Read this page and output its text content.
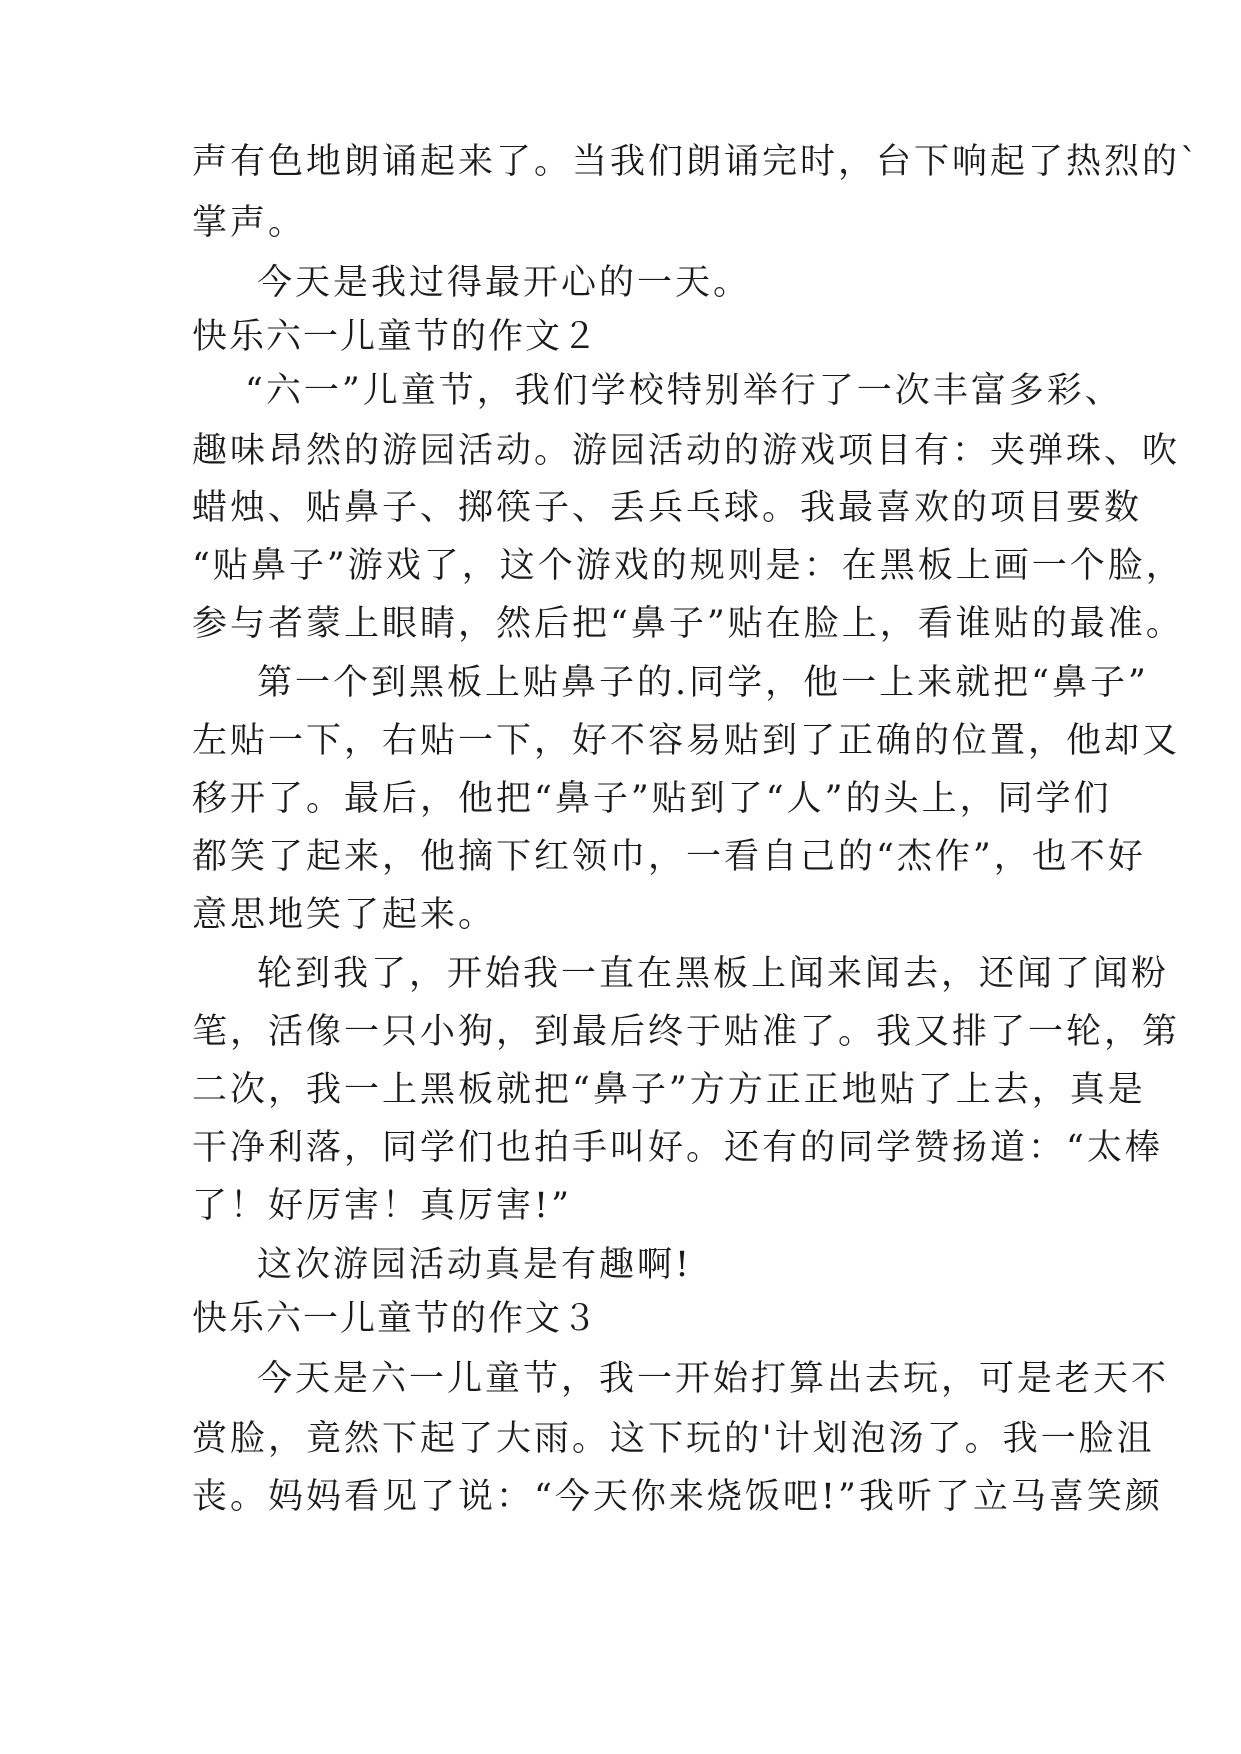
声有色地朗诵起来了。当我们朗诵完时，台下响起了热烈的`
掌声。
今天是我过得最开心的一天。
快乐六一儿童节的作文２
“六一”儿童节，我们学校特别举行了一次丰富多彩、
趣味昂然的游园活动。游园活动的游戏项目有：夹弹珠、吹
蜡烛、贴鼻子、掷筷子、丢兵乓球。我最喜欢的项目要数
“贴鼻子”游戏了，这个游戏的规则是：在黑板上画一个脸，
参与者蒙上眼睛，然后把“鼻子”贴在脸上，看谁贴的最准。
第一个到黑板上贴鼻子的.同学，他一上来就把“鼻子”
左贴一下，右贴一下，好不容易贴到了正确的位置，他却又
移开了。最后，他把“鼻子”贴到了“人”的头上，同学们
都笑了起来，他摘下红领巾，一看自己的“杰作”，也不好
意思地笑了起来。
轮到我了，开始我一直在黑板上闻来闻去，还闻了闻粉
笔，活像一只小狗，到最后终于贴准了。我又排了一轮，第
二次，我一上黑板就把“鼻子”方方正正地贴了上去，真是
干净利落，同学们也拍手叫好。还有的同学赞扬道：“太棒
了！好厉害！真厉害!”
这次游园活动真是有趣啊!
快乐六一儿童节的作文３
今天是六一儿童节，我一开始打算出去玩，可是老天不
赏脸，竟然下起了大雨。这下玩的'计划泡汤了。我一脸沮
丧。妈妈看见了说：“今天你来烧饭吧!”我听了立马喜笑颜
